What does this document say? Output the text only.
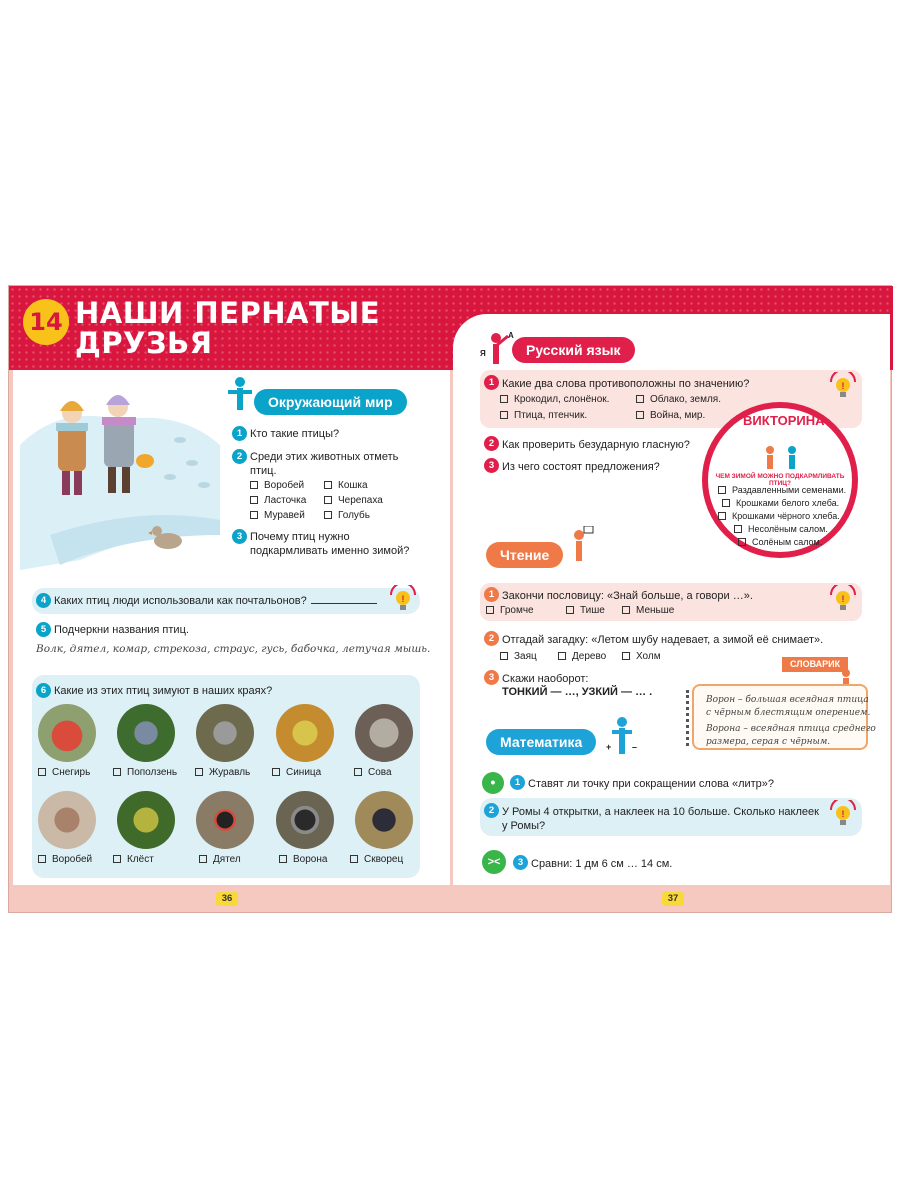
14 НАШИ ПЕРНАТЫЕ
ДРУЗЬЯ
Окружающий мир
1 Кто такие птицы?
2 Среди этих животных отметь
птиц.
Воробей	Кошка
Ласточка	Черепаха
Муравей	Голубь
3 Почему птиц нужно
подкармливать именно зимой?
4 Каких птиц люди использовали как почтальонов?	!
5 Подчеркни названия птиц.
Волк, дятел, комар, стрекоза, страус, гусь, бабочка, летучая мышь.
6 Какие из этих птиц зимуют в наших краях?
Снегирь	Поползень	Журавль	Синица	Сова
Воробей	Клёст	Дятел	Ворона	Скворец
36
А
Я	Русский язык
1 Какие два слова противоположны по значению?
Крокодил, слонёнок.	Облако, земля.
Птица, птенчик.	Война, мир.
!
2 Как проверить безударную гласную?
3 Из чего состоят предложения?
ВИКТОРИНА
ЧЕМ ЗИМОЙ МОЖНО ПОДКАРМЛИВАТЬ ПТИЦ?
Раздавленными семенами.
Крошками белого хлеба.
Крошками чёрного хлеба.
Несолёным салом.
Солёным салом.
Чтение
1 Закончи пословицу: «Знай больше, а говори …».
Громче	Тише	Меньше
!
2 Отгадай загадку: «Летом шубу надевает, а зимой её снимает».
Заяц	Дерево	Холм
3 Скажи наоборот:
ТОНКИЙ — …, УЗКИЙ — … .
СЛОВАРИК
Ворон – большая всеядная птица
с чёрным блестящим оперением.
Ворона – всеядная птица среднего
размера, серая с чёрным.
Математика	+ –
•	1 Ставят ли точку при сокращении слова «литр»?
2 У Ромы 4 открытки, а наклеек на 10 больше. Сколько наклеек
у Ромы?
!
><	3 Сравни: 1 дм 6 см … 14 см.
37
